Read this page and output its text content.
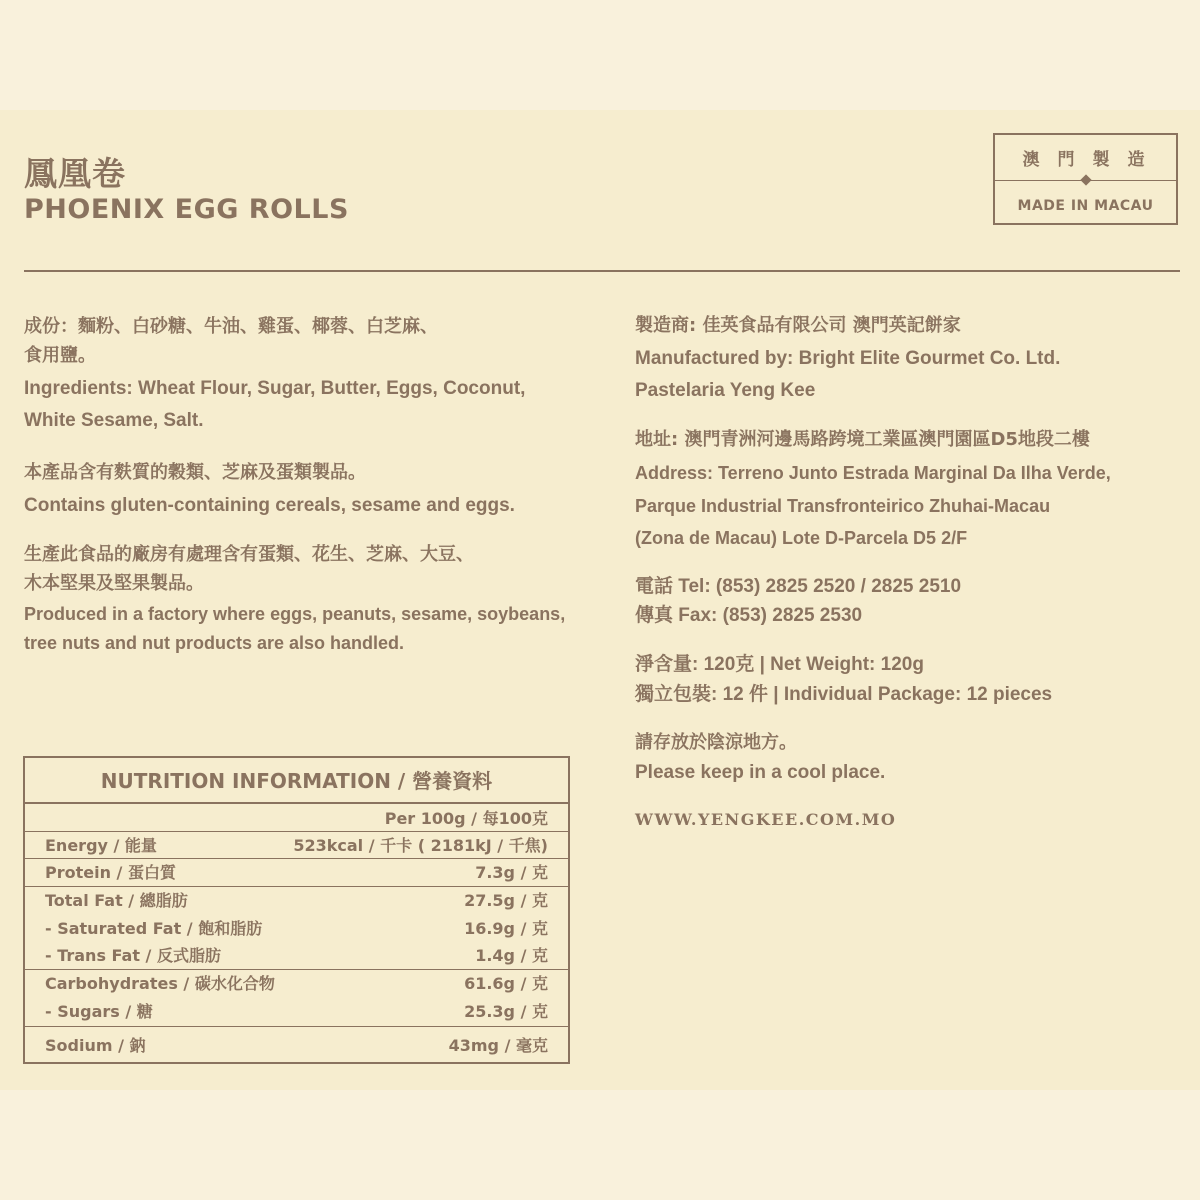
鳳凰卷
PHOENIX EGG ROLLS
澳門製造
MADE IN MACAU
成份：麵粉、白砂糖、牛油、雞蛋、椰蓉、白芝麻、
食用鹽。
Ingredients: Wheat Flour, Sugar, Butter, Eggs, Coconut,
White Sesame, Salt.
本產品含有麩質的穀類、芝麻及蛋類製品。
Contains gluten-containing cereals, sesame and eggs.
生產此食品的廠房有處理含有蛋類、花生、芝麻、大豆、
木本堅果及堅果製品。
Produced in a factory where eggs, peanuts, sesame, soybeans,
tree nuts and nut products are also handled.
NUTRITION INFORMATION / 營養資料
Per 100g / 每100克
Energy / 能量	523kcal / 千卡 ( 2181kJ / 千焦)
Protein / 蛋白質	7.3g / 克
Total Fat / 總脂肪	27.5g / 克
- Saturated Fat / 飽和脂肪	16.9g / 克
- Trans Fat / 反式脂肪	1.4g / 克
Carbohydrates / 碳水化合物	61.6g / 克
- Sugars / 糖	25.3g / 克
Sodium / 鈉	43mg / 毫克
製造商: 佳英食品有限公司 澳門英記餅家
Manufactured by: Bright Elite Gourmet Co. Ltd.
Pastelaria Yeng Kee
地址: 澳門青洲河邊馬路跨境工業區澳門園區D5地段二樓
Address: Terreno Junto Estrada Marginal Da Ilha Verde,
Parque Industrial Transfronteirico Zhuhai-Macau
(Zona de Macau) Lote D-Parcela D5 2/F
電話 Tel: (853) 2825 2520 / 2825 2510
傳真 Fax: (853) 2825 2530
淨含量: 120克 | Net Weight: 120g
獨立包裝: 12 件 | Individual Package: 12 pieces
請存放於陰涼地方。
Please keep in a cool place.
WWW.YENGKEE.COM.MO
